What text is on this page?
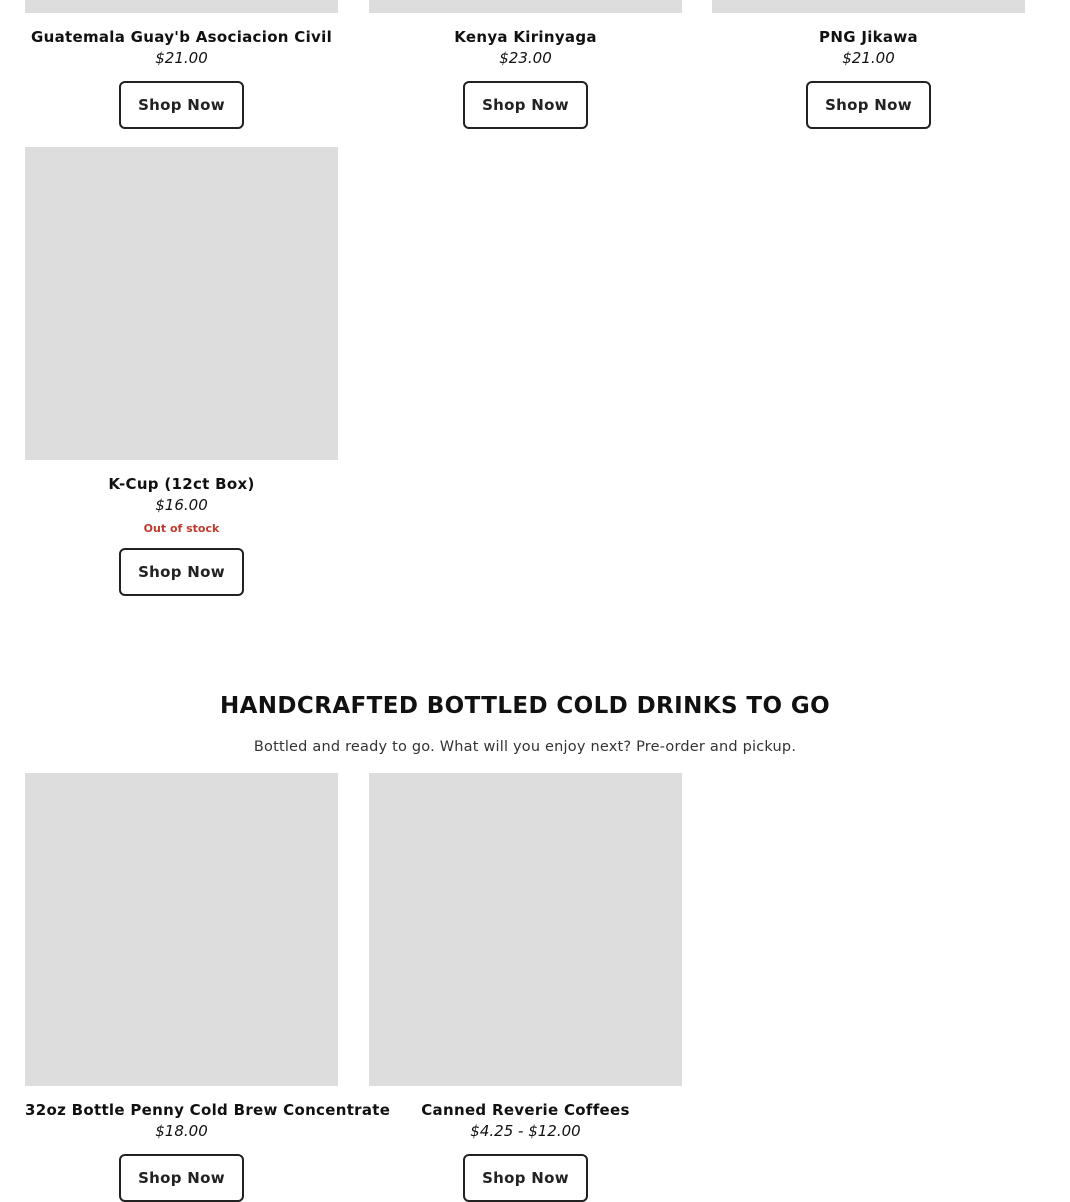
Guatemala Guay'b Asociacion Civil
$21.00
Shop Now
Kenya Kirinyaga
$23.00
Shop Now
PNG Jikawa
$21.00
Shop Now
K-Cup (12ct Box)
$16.00
Out of stock
Shop Now
HANDCRAFTED BOTTLED COLD DRINKS TO GO
Bottled and ready to go. What will you enjoy next? Pre-order and pickup.
32oz Bottle Penny Cold Brew Concentrate
$18.00
Shop Now
Canned Reverie Coffees
$4.25 - $12.00
Shop Now
